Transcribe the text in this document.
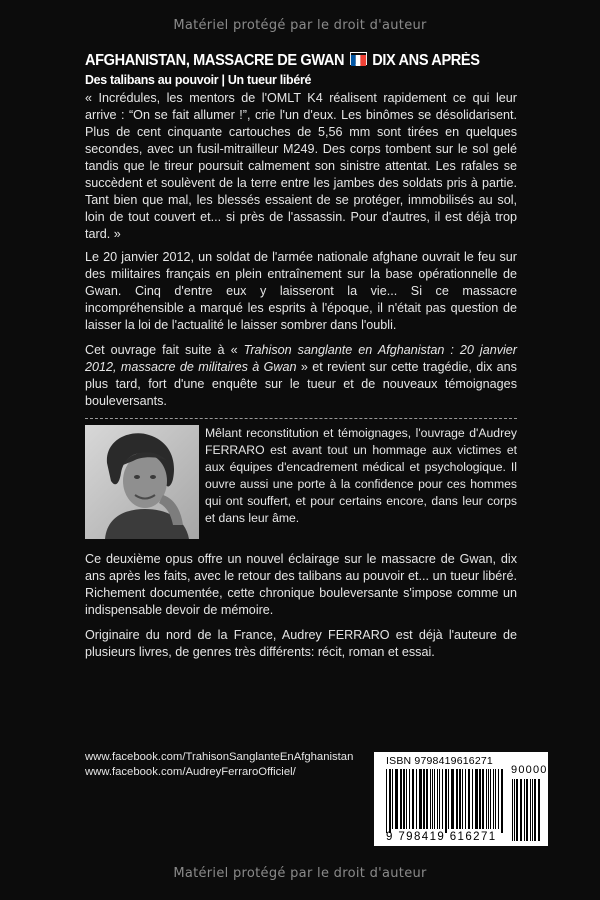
Matériel protégé par le droit d'auteur
AFGHANISTAN, MASSACRE DE GWAN DIX ANS APRÈS
Des talibans au pouvoir | Un tueur libéré

« Incrédules, les mentors de l'OMLT K4 réalisent rapidement ce qui leur arrive : “On se fait allumer !”, crie l'un d'eux. Les binômes se désolidarisent. Plus de cent cinquante cartouches de 5,56 mm sont tirées en quelques secondes, avec un fusil-mitrailleur M249. Des corps tombent sur le sol gelé tandis que le tireur poursuit calmement son sinistre attentat. Les rafales se succèdent et soulèvent de la terre entre les jambes des soldats pris à partie. Tant bien que mal, les blessés essaient de se protéger, immobilisés au sol, loin de tout couvert et... si près de l'assassin. Pour d'autres, il est déjà trop tard. »

Le 20 janvier 2012, un soldat de l'armée nationale afghane ouvrait le feu sur des militaires français en plein entraînement sur la base opérationnelle de Gwan. Cinq d'entre eux y laisseront la vie... Si ce massacre incompréhensible a marqué les esprits à l'époque, il n'était pas question de laisser la loi de l'actualité le laisser sombrer dans l'oubli.

Cet ouvrage fait suite à « Trahison sanglante en Afghanistan : 20 janvier 2012, massacre de militaires à Gwan » et revient sur cette tragédie, dix ans plus tard, fort d'une enquête sur le tueur et de nouveaux témoignages bouleversants.

Mêlant reconstitution et témoignages, l'ouvrage d'Audrey FERRARO est avant tout un hommage aux victimes et aux équipes d'encadrement médical et psychologique. Il ouvre aussi une porte à la confidence pour ces hommes qui ont souffert, et pour certains encore, dans leur corps et dans leur âme.

Ce deuxième opus offre un nouvel éclairage sur le massacre de Gwan, dix ans après les faits, avec le retour des talibans au pouvoir et... un tueur libéré. Richement documentée, cette chronique bouleversante s'impose comme un indispensable devoir de mémoire.

Originaire du nord de la France, Audrey FERRARO est déjà l'auteure de plusieurs livres, de genres très différents: récit, roman et essai.

www.facebook.com/TrahisonSanglanteEnAfghanistan
www.facebook.com/AudreyFerraroOfficiel/
ISBN 9798419616271
9 798419 616271
90000
Matériel protégé par le droit d'auteur
